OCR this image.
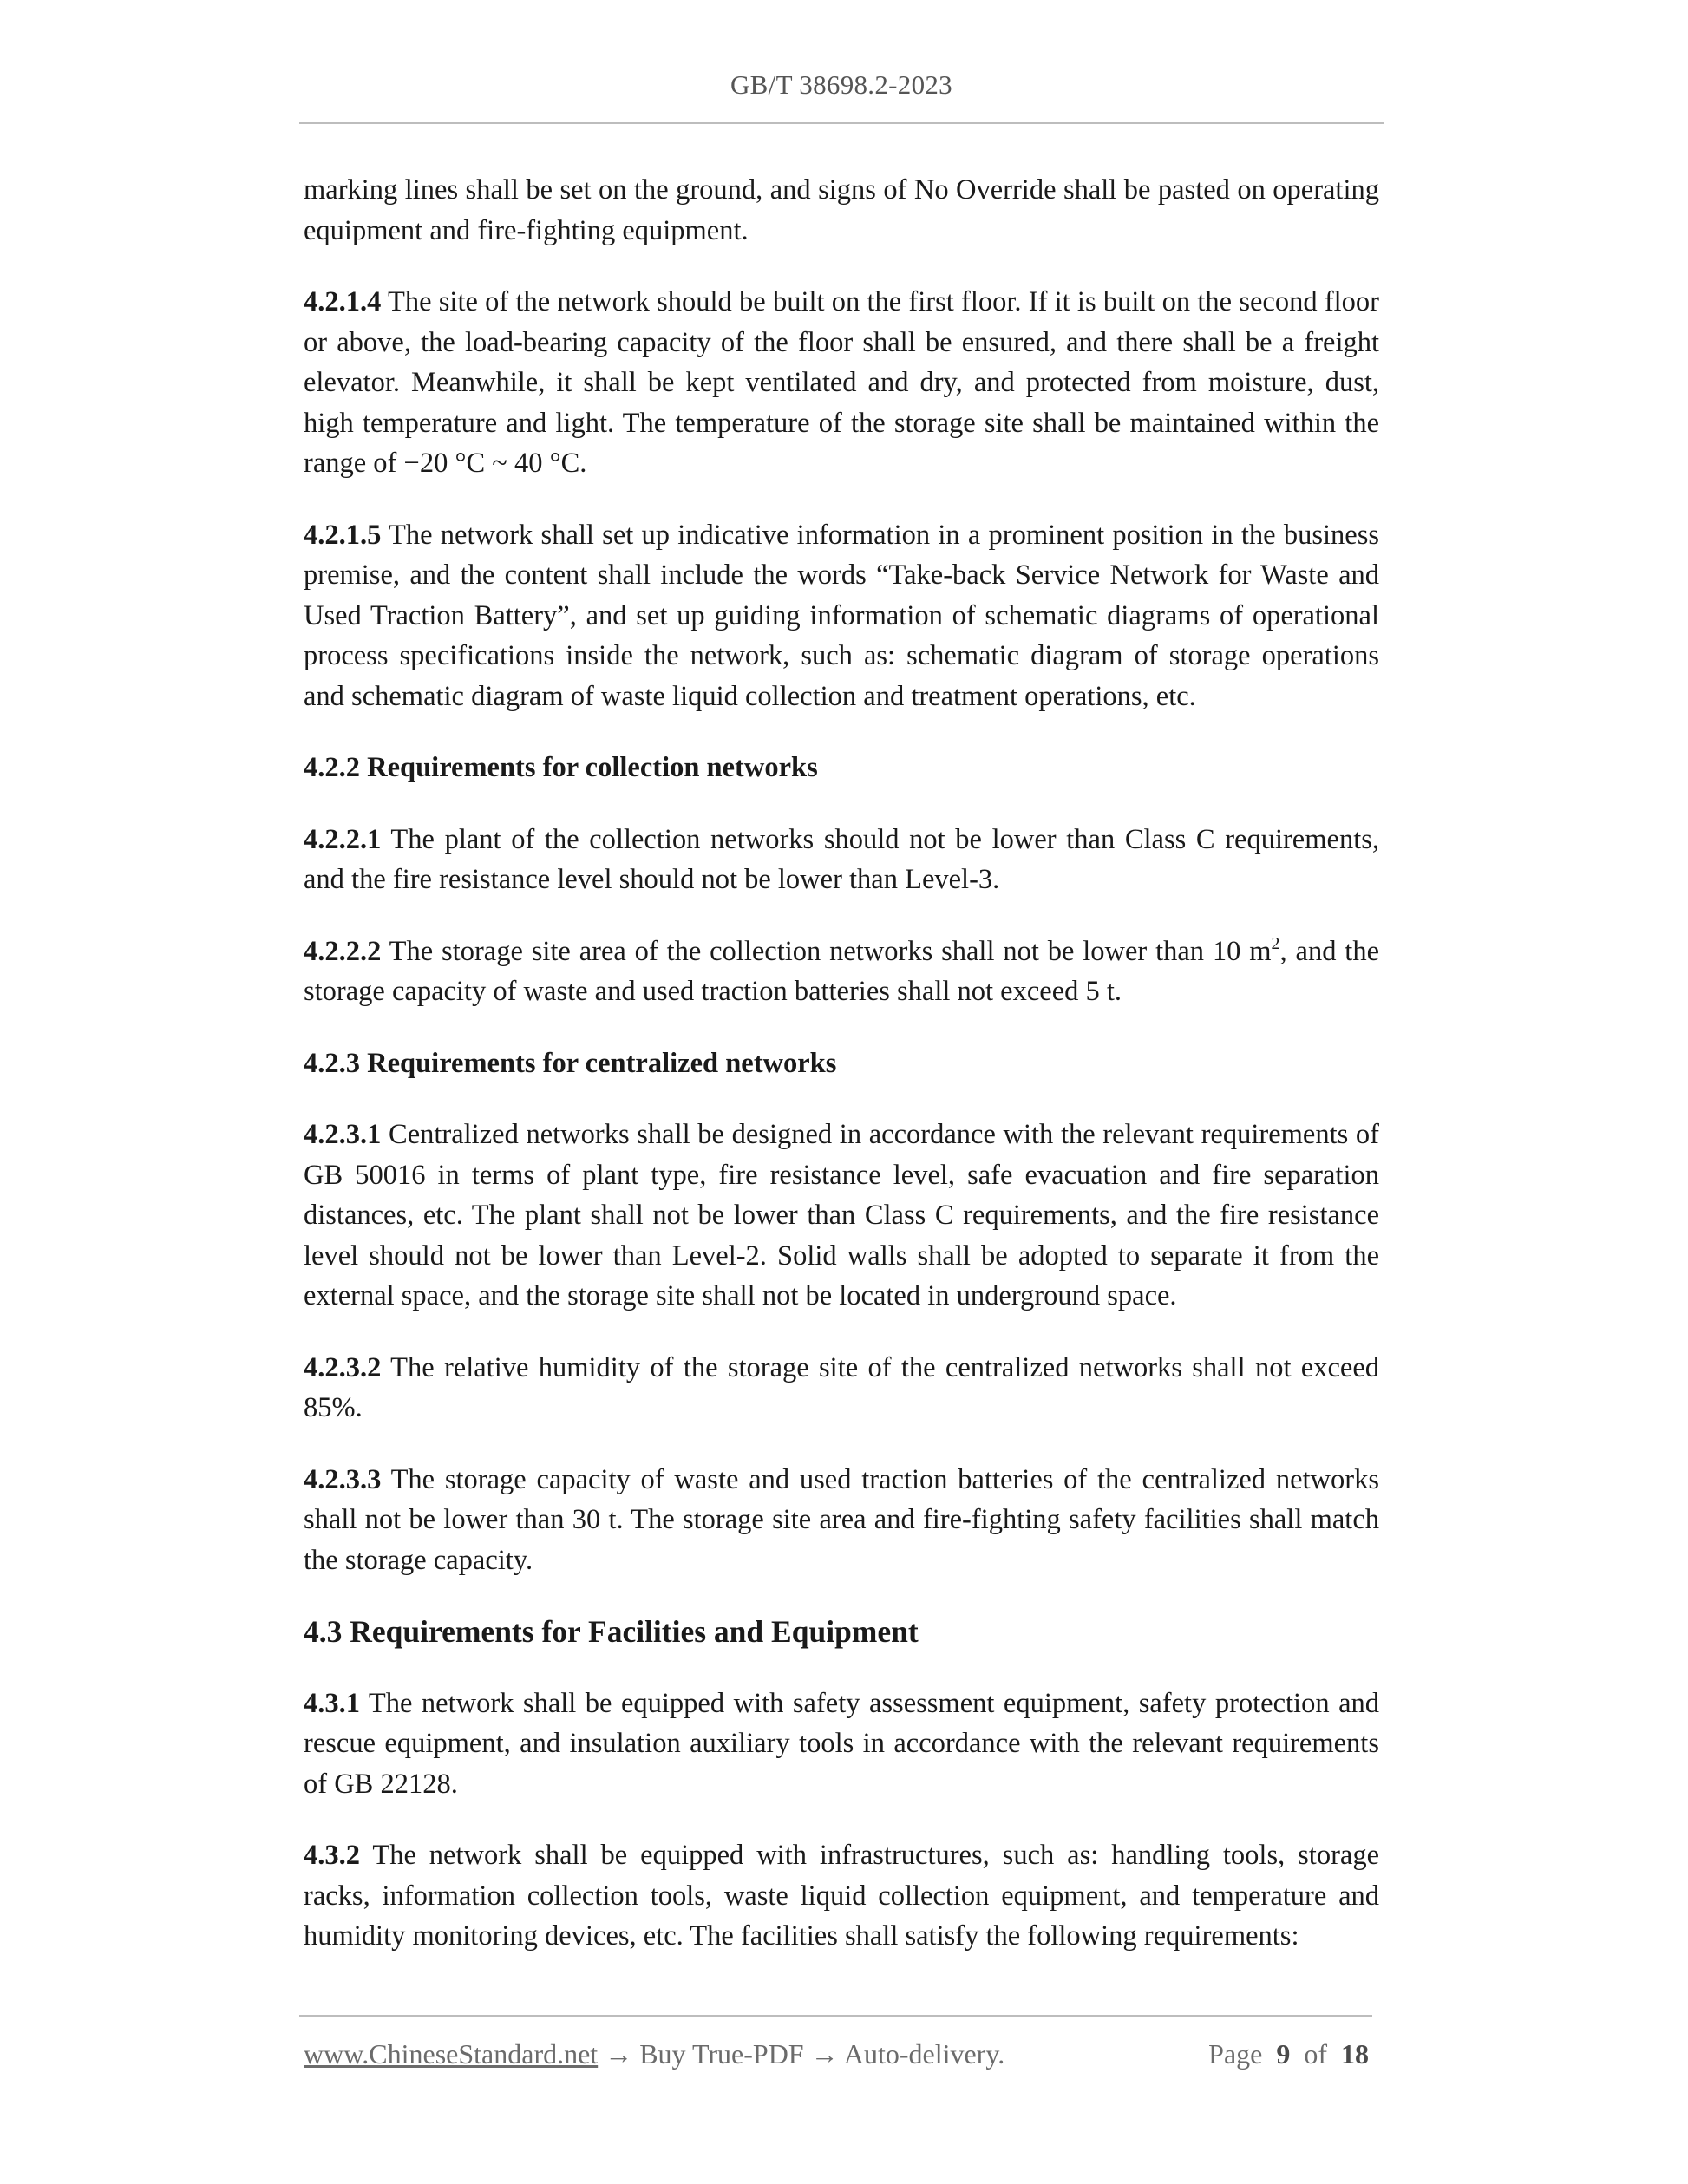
GB/T 38698.2-2023

marking lines shall be set on the ground, and signs of No Override shall be pasted on operating equipment and fire-fighting equipment.

4.2.1.4 The site of the network should be built on the first floor. If it is built on the second floor or above, the load-bearing capacity of the floor shall be ensured, and there shall be a freight elevator. Meanwhile, it shall be kept ventilated and dry, and protected from moisture, dust, high temperature and light. The temperature of the storage site shall be maintained within the range of −20 °C ~ 40 °C.

4.2.1.5 The network shall set up indicative information in a prominent position in the business premise, and the content shall include the words “Take-back Service Network for Waste and Used Traction Battery”, and set up guiding information of schematic diagrams of operational process specifications inside the network, such as: schematic diagram of storage operations and schematic diagram of waste liquid collection and treatment operations, etc.

4.2.2 Requirements for collection networks

4.2.2.1 The plant of the collection networks should not be lower than Class C requirements, and the fire resistance level should not be lower than Level-3.

4.2.2.2 The storage site area of the collection networks shall not be lower than 10 $m^2$, and the storage capacity of waste and used traction batteries shall not exceed 5 t.

4.2.3 Requirements for centralized networks

4.2.3.1 Centralized networks shall be designed in accordance with the relevant requirements of GB 50016 in terms of plant type, fire resistance level, safe evacuation and fire separation distances, etc. The plant shall not be lower than Class C requirements, and the fire resistance level should not be lower than Level-2. Solid walls shall be adopted to separate it from the external space, and the storage site shall not be located in underground space.

4.2.3.2 The relative humidity of the storage site of the centralized networks shall not exceed 85%.

4.2.3.3 The storage capacity of waste and used traction batteries of the centralized networks shall not be lower than 30 t. The storage site area and fire-fighting safety facilities shall match the storage capacity.

4.3 Requirements for Facilities and Equipment

4.3.1 The network shall be equipped with safety assessment equipment, safety protection and rescue equipment, and insulation auxiliary tools in accordance with the relevant requirements of GB 22128.

4.3.2 The network shall be equipped with infrastructures, such as: handling tools, storage racks, information collection tools, waste liquid collection equipment, and temperature and humidity monitoring devices, etc. The facilities shall satisfy the following requirements:

www.ChineseStandard.net → Buy True-PDF → Auto-delivery.	Page 9 of 18
